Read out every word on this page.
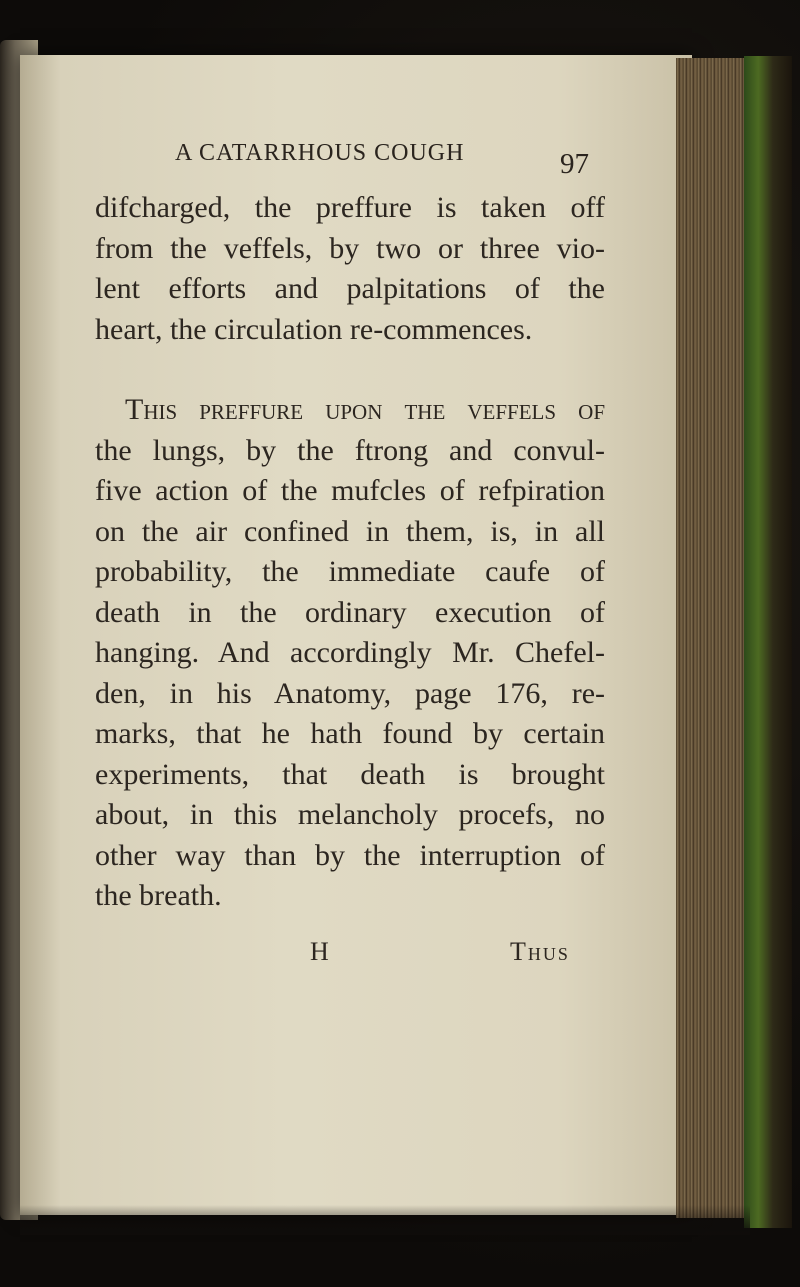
A CATARRHOUS COUGH	97
difcharged, the preffure is taken off
from the veffels, by two or three vio-
lent efforts and palpitations of the
heart, the circulation re-commences.
This preffure upon the veffels of
the lungs, by the ftrong and convul-
five action of the mufcles of refpiration
on the air confined in them, is, in all
probability, the immediate caufe of
death in the ordinary execution of
hanging. And accordingly Mr. Chefel-
den, in his Anatomy, page 176, re-
marks, that he hath found by certain
experiments, that death is brought
about, in this melancholy procefs, no
other way than by the interruption of
the breath.
H	Thus
